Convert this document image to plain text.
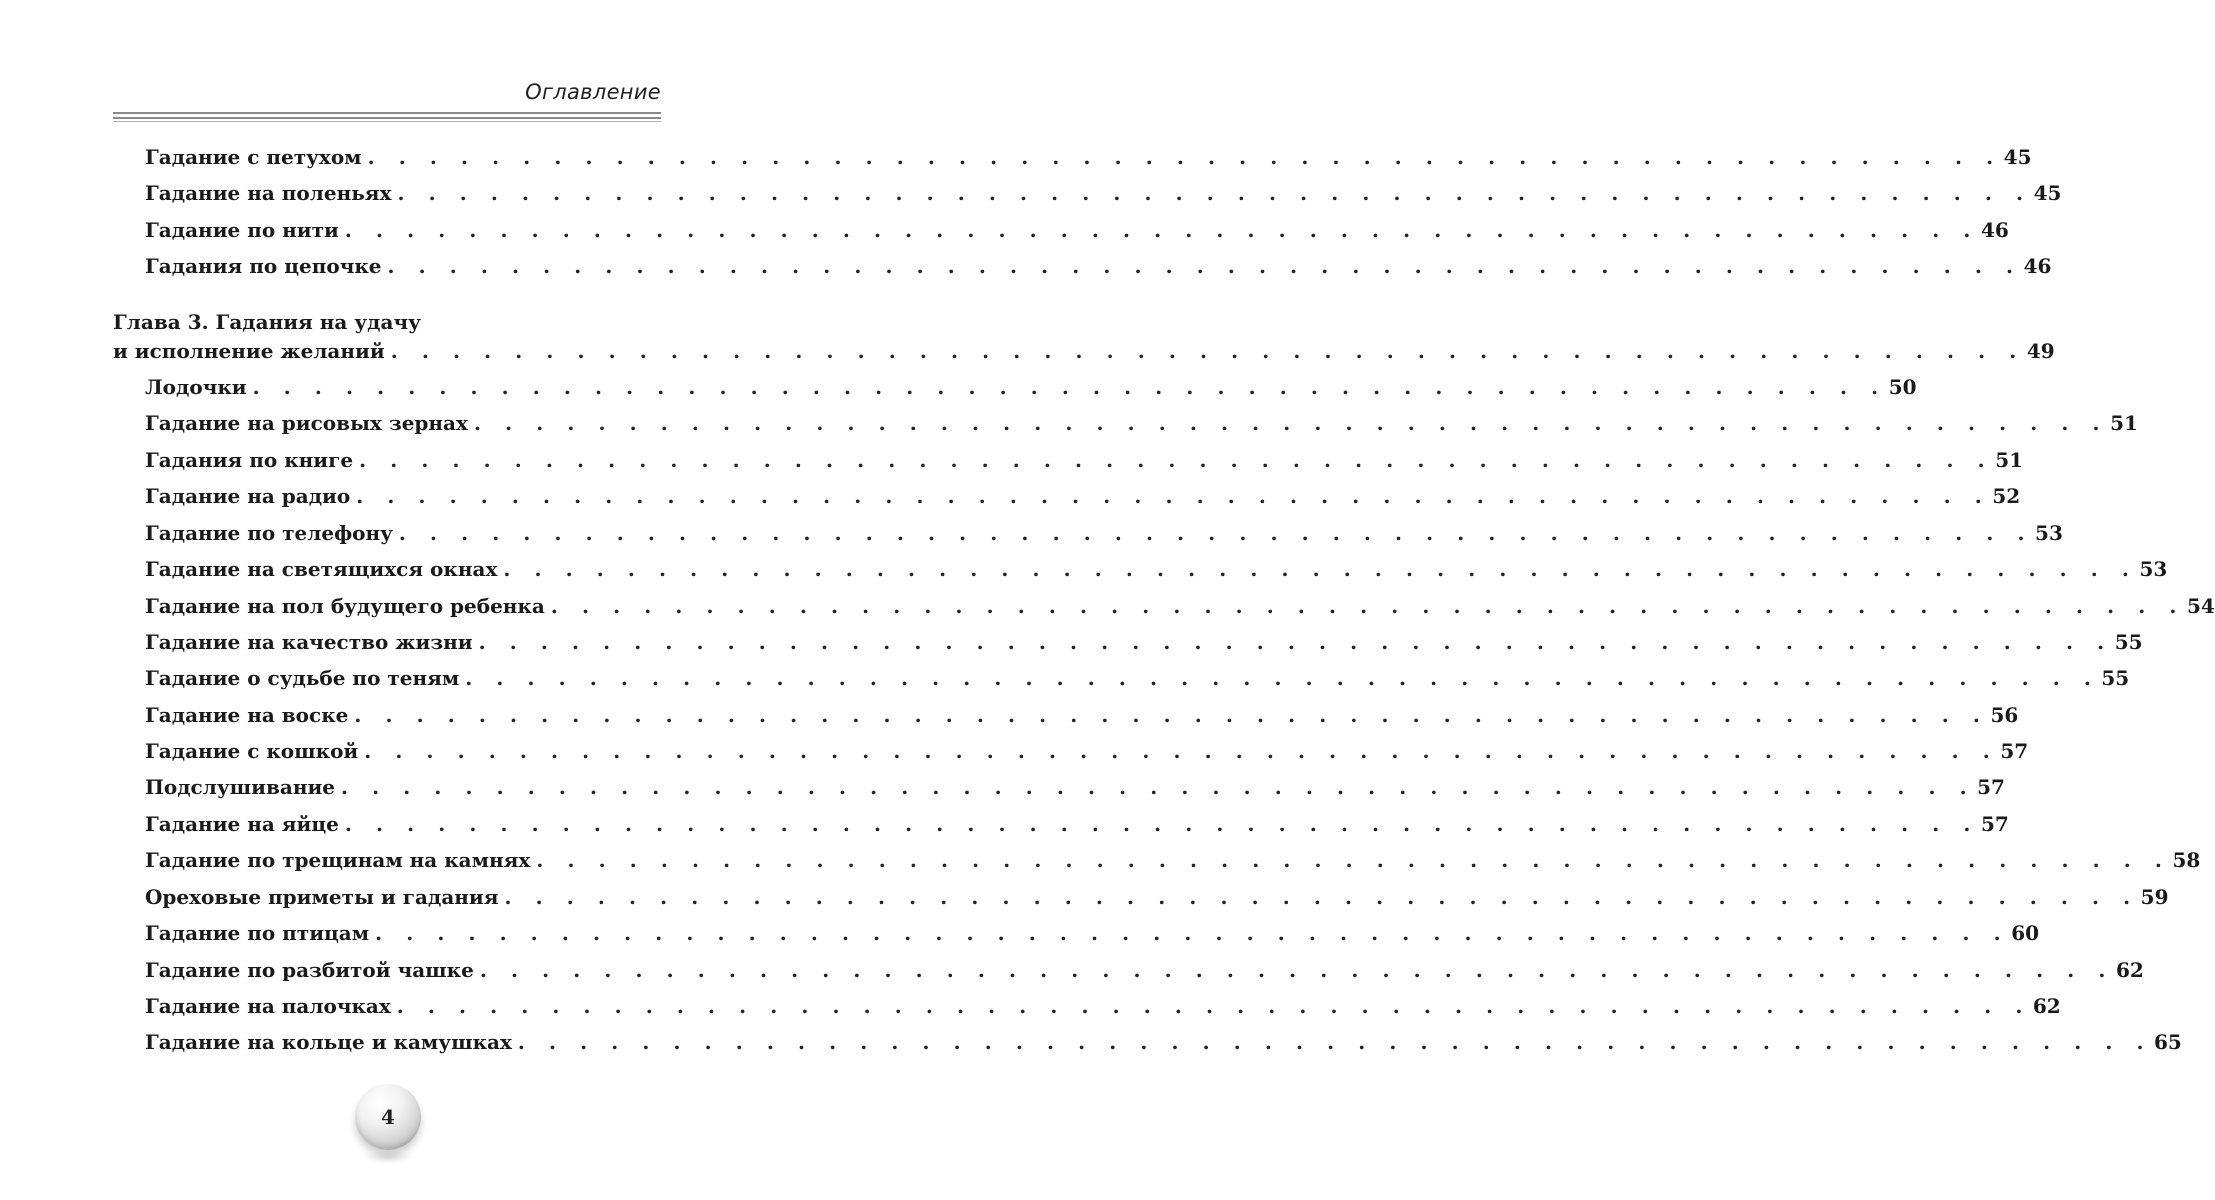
Оглавление
Гадание с петухом . . . . . . . . . . . . . . . . . . . . . . . . . . . . . . . . . . . . . . . . . . . . . . . . . . . . . 45
Гадание на поленьях . . . . . . . . . . . . . . . . . . . . . . . . . . . . . . . . . . . . . . . . . . . . . . . . . . . . . 45
Гадание по нити . . . . . . . . . . . . . . . . . . . . . . . . . . . . . . . . . . . . . . . . . . . . . . . . . . . . . 46
Гадания по цепочке . . . . . . . . . . . . . . . . . . . . . . . . . . . . . . . . . . . . . . . . . . . . . . . . . . . . . 46
Глава 3. Гадания на удачу
и исполнение желаний . . . . . . . . . . . . . . . . . . . . . . . . . . . . . . . . . . . . . . . . . . . . . . . . . . . . . 49
Лодочки . . . . . . . . . . . . . . . . . . . . . . . . . . . . . . . . . . . . . . . . . . . . . . . . . . . . . 50
Гадание на рисовых зернах . . . . . . . . . . . . . . . . . . . . . . . . . . . . . . . . . . . . . . . . . . . . . . . . . . . . . 51
Гадания по книге . . . . . . . . . . . . . . . . . . . . . . . . . . . . . . . . . . . . . . . . . . . . . . . . . . . . . 51
Гадание на радио . . . . . . . . . . . . . . . . . . . . . . . . . . . . . . . . . . . . . . . . . . . . . . . . . . . . . 52
Гадание по телефону . . . . . . . . . . . . . . . . . . . . . . . . . . . . . . . . . . . . . . . . . . . . . . . . . . . . . 53
Гадание на светящихся окнах . . . . . . . . . . . . . . . . . . . . . . . . . . . . . . . . . . . . . . . . . . . . . . . . . . . . . 53
Гадание на пол будущего ребенка . . . . . . . . . . . . . . . . . . . . . . . . . . . . . . . . . . . . . . . . . . . . . . . . . . . . . 54
Гадание на качество жизни . . . . . . . . . . . . . . . . . . . . . . . . . . . . . . . . . . . . . . . . . . . . . . . . . . . . . 55
Гадание о судьбе по теням . . . . . . . . . . . . . . . . . . . . . . . . . . . . . . . . . . . . . . . . . . . . . . . . . . . . . 55
Гадание на воске . . . . . . . . . . . . . . . . . . . . . . . . . . . . . . . . . . . . . . . . . . . . . . . . . . . . . 56
Гадание с кошкой . . . . . . . . . . . . . . . . . . . . . . . . . . . . . . . . . . . . . . . . . . . . . . . . . . . . . 57
Подслушивание . . . . . . . . . . . . . . . . . . . . . . . . . . . . . . . . . . . . . . . . . . . . . . . . . . . . . 57
Гадание на яйце . . . . . . . . . . . . . . . . . . . . . . . . . . . . . . . . . . . . . . . . . . . . . . . . . . . . . 57
Гадание по трещинам на камнях . . . . . . . . . . . . . . . . . . . . . . . . . . . . . . . . . . . . . . . . . . . . . . . . . . . . . 58
Ореховые приметы и гадания . . . . . . . . . . . . . . . . . . . . . . . . . . . . . . . . . . . . . . . . . . . . . . . . . . . . . 59
Гадание по птицам . . . . . . . . . . . . . . . . . . . . . . . . . . . . . . . . . . . . . . . . . . . . . . . . . . . . . 60
Гадание по разбитой чашке . . . . . . . . . . . . . . . . . . . . . . . . . . . . . . . . . . . . . . . . . . . . . . . . . . . . . 62
Гадание на палочках . . . . . . . . . . . . . . . . . . . . . . . . . . . . . . . . . . . . . . . . . . . . . . . . . . . . . 62
Гадание на кольце и камушках . . . . . . . . . . . . . . . . . . . . . . . . . . . . . . . . . . . . . . . . . . . . . . . . . . . . . 65
4
